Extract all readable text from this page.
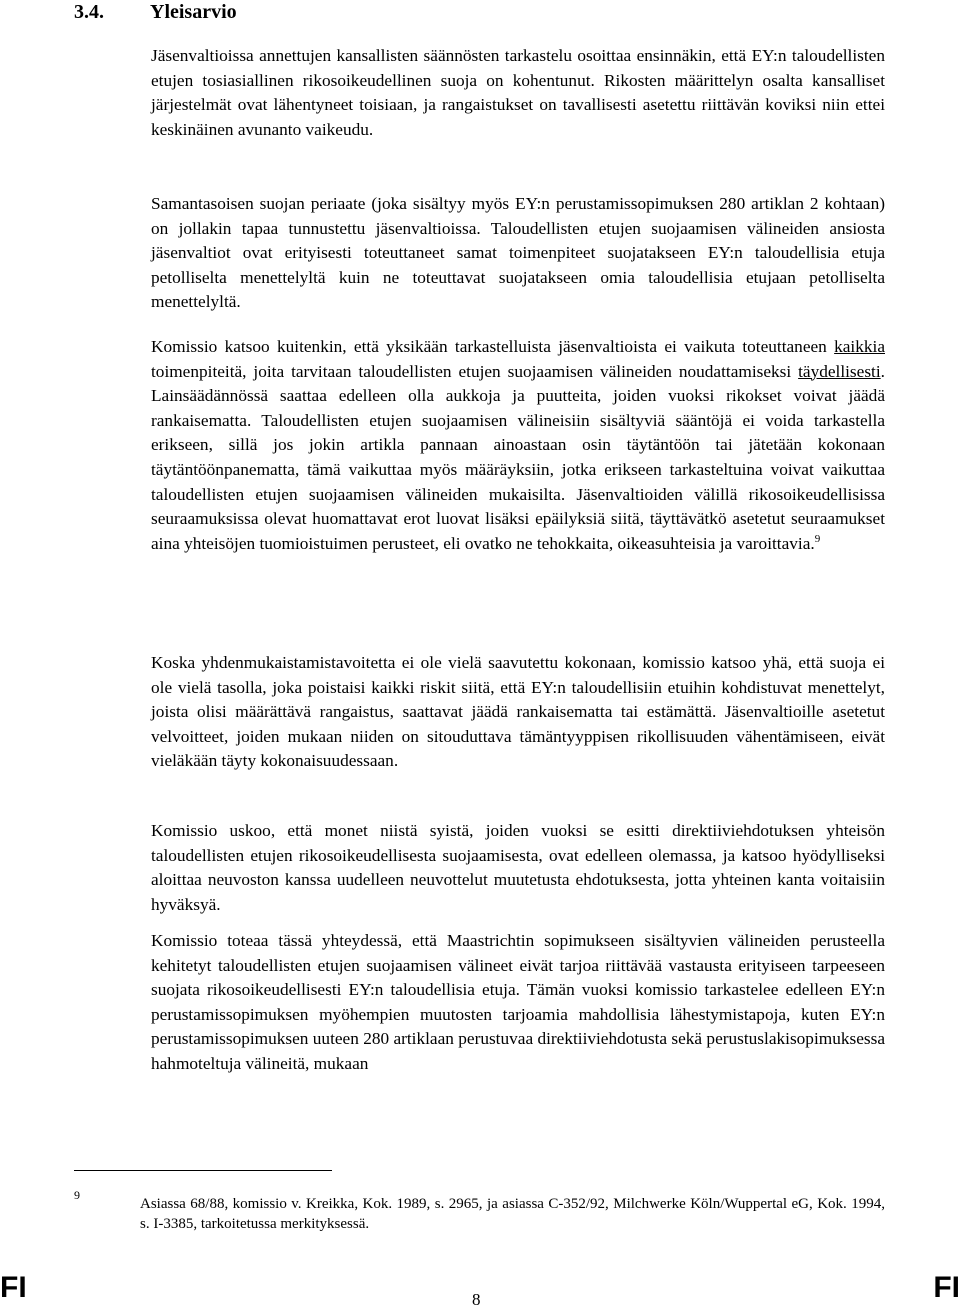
3.4. Yleisarvio

Jäsenvaltioissa annettujen kansallisten säännösten tarkastelu osoittaa ensinnäkin, että EY:n taloudellisten etujen tosiasiallinen rikosoikeudellinen suoja on kohentunut. Rikosten määrittelyn osalta kansalliset järjestelmät ovat lähentyneet toisiaan, ja rangaistukset on tavallisesti asetettu riittävän koviksi niin ettei keskinäinen avunanto vaikeudu.

Samantasoisen suojan periaate (joka sisältyy myös EY:n perustamissopimuksen 280 artiklan 2 kohtaan) on jollakin tapaa tunnustettu jäsenvaltioissa. Taloudellisten etujen suojaamisen välineiden ansiosta jäsenvaltiot ovat erityisesti toteuttaneet samat toimenpiteet suojatakseen EY:n taloudellisia etuja petolliselta menettelyltä kuin ne toteuttavat suojatakseen omia taloudellisia etujaan petolliselta menettelyltä.

Komissio katsoo kuitenkin, että yksikään tarkastelluista jäsenvaltioista ei vaikuta toteuttaneen kaikkia toimenpiteitä, joita tarvitaan taloudellisten etujen suojaamisen välineiden noudattamiseksi täydellisesti. Lainsäädännössä saattaa edelleen olla aukkoja ja puutteita, joiden vuoksi rikokset voivat jäädä rankaisematta. Taloudellisten etujen suojaamisen välineisiin sisältyviä sääntöjä ei voida tarkastella erikseen, sillä jos jokin artikla pannaan ainoastaan osin täytäntöön tai jätetään kokonaan täytäntöönpanematta, tämä vaikuttaa myös määräyksiin, jotka erikseen tarkasteltuina voivat vaikuttaa taloudellisten etujen suojaamisen välineiden mukaisilta. Jäsenvaltioiden välillä rikosoikeudellisissa seuraamuksissa olevat huomattavat erot luovat lisäksi epäilyksiä siitä, täyttävätkö asetetut seuraamukset aina yhteisöjen tuomioistuimen perusteet, eli ovatko ne tehokkaita, oikeasuhteisia ja varoittavia.$^9$

Koska yhdenmukaistamistavoitetta ei ole vielä saavutettu kokonaan, komissio katsoo yhä, että suoja ei ole vielä tasolla, joka poistaisi kaikki riskit siitä, että EY:n taloudellisiin etuihin kohdistuvat menettelyt, joista olisi määrättävä rangaistus, saattavat jäädä rankaisematta tai estämättä. Jäsenvaltioille asetetut velvoitteet, joiden mukaan niiden on sitouduttava tämäntyyppisen rikollisuuden vähentämiseen, eivät vieläkään täyty kokonaisuudessaan.

Komissio uskoo, että monet niistä syistä, joiden vuoksi se esitti direktiiviehdotuksen yhteisön taloudellisten etujen rikosoikeudellisesta suojaamisesta, ovat edelleen olemassa, ja katsoo hyödylliseksi aloittaa neuvoston kanssa uudelleen neuvottelut muutetusta ehdotuksesta, jotta yhteinen kanta voitaisiin hyväksyä.

Komissio toteaa tässä yhteydessä, että Maastrichtin sopimukseen sisältyvien välineiden perusteella kehitetyt taloudellisten etujen suojaamisen välineet eivät tarjoa riittävää vastausta erityiseen tarpeeseen suojata rikosoikeudellisesti EY:n taloudellisia etuja. Tämän vuoksi komissio tarkastelee edelleen EY:n perustamissopimuksen myöhempien muutosten tarjoamia mahdollisia lähestymistapoja, kuten EY:n perustamissopimuksen uuteen 280 artiklaan perustuvaa direktiiviehdotusta sekä perustuslakisopimuksessa hahmoteltuja välineitä, mukaan

9

Asiassa 68/88, komissio v. Kreikka, Kok. 1989, s. 2965, ja asiassa C-352/92, Milchwerke Köln/Wuppertal eG, Kok. 1994, s. I-3385, tarkoitetussa merkityksessä.

FI	8	FI
